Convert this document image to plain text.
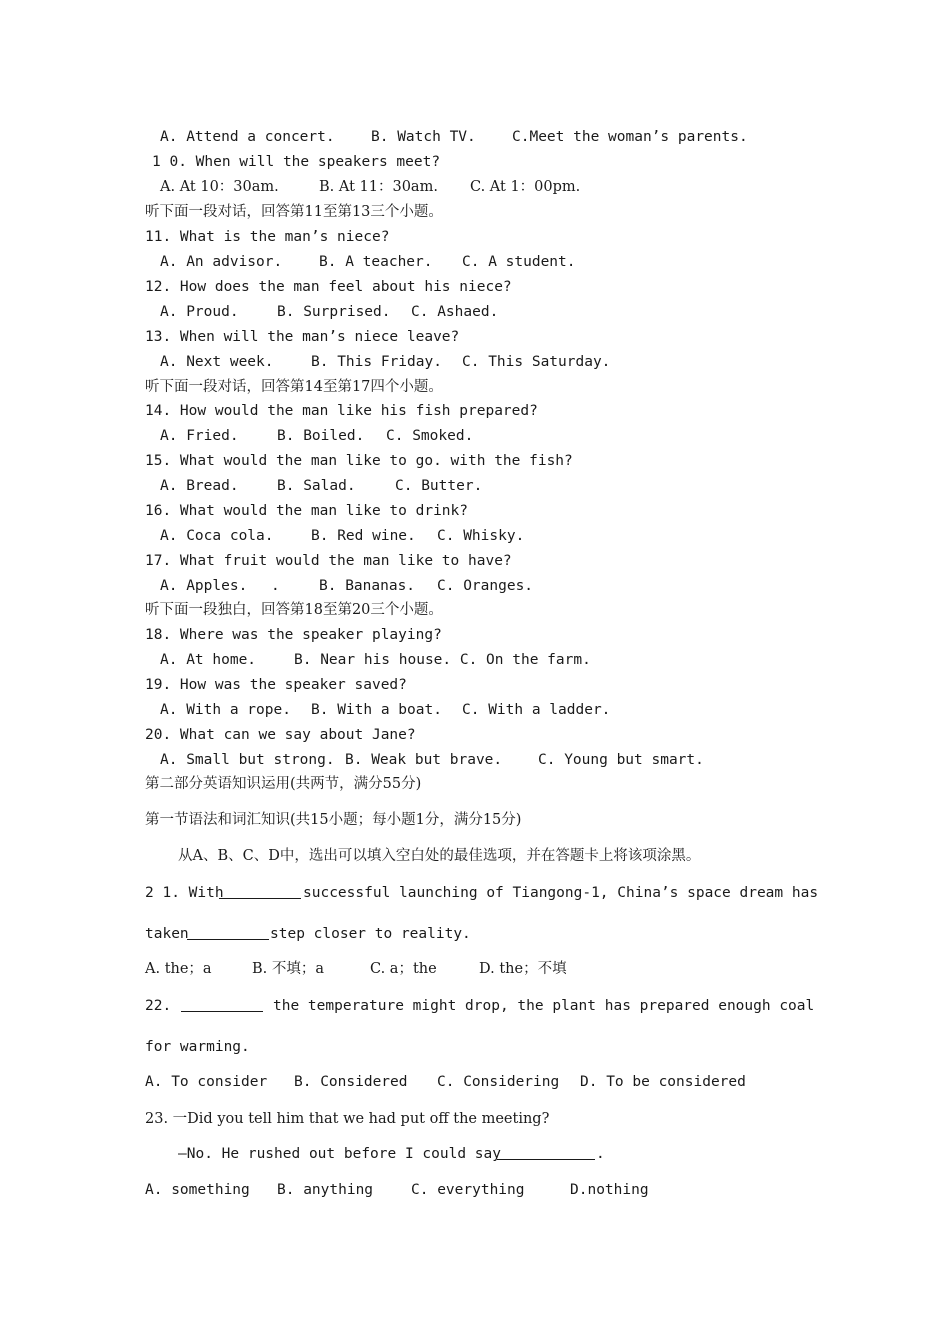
A. Attend a concert.	B. Watch TV. C.Meet the woman’s parents.
1 0. When will the speakers meet?
A. At 10：30am.	B. At 11：30am. C. At 1：00pm.
听下面一段对话，回答第11至第13三个小题。
11. What is the man’s niece?
A. An advisor.	B. A teacher. C. A student.
12. How does the man feel about his niece?
A. Proud.	B. Surprised. C. Ashaed.
13. When will the man’s niece leave?
A. Next week.	B. This Friday. C. This Saturday.
听下面一段对话，回答第14至第17四个小题。
14. How would the man like his fish prepared?
A. Fried.	B. Boiled. C. Smoked.
15. What would the man like to go. with the fish?
A. Bread.	B. Salad.	C. Butter.
16. What would the man like to drink?
A. Coca cola.	B. Red wine. C. Whisky.
17. What fruit would the man like to have?
A. Apples. .	B. Bananas. C. Oranges.
听下面一段独白，回答第18至第20三个小题。
18. Where was the speaker playing?
A. At home.	B. Near his house. C. On the farm.
19. How was the speaker saved?
A. With a rope. B. With a boat. C. With a ladder.
20. What can we say about Jane?
A. Small but strong. B. Weak but brave. C. Young but smart.
第二部分英语知识运用(共两节，满分55分)
第一节语法和词汇知识(共15小题；每小题1分，满分15分)
从A、B、C、D中，选出可以填入空白处的最佳选项，并在答题卡上将该项涂黑。
2 1. With	successful launching of Tiangong-1, China’s space dream has
taken	step closer to reality.
A. the；a	B. 不填；a	C. a；the	D. the；不填
22.	the temperature might drop, the plant has prepared enough coal
for warming.
A. To consider B. Considered C. Considering D. To be considered
23. 一Did you tell him that we had put off the meeting?
—No. He rushed out before I could say	.
A. something B. anything	C. everything	D.nothing
